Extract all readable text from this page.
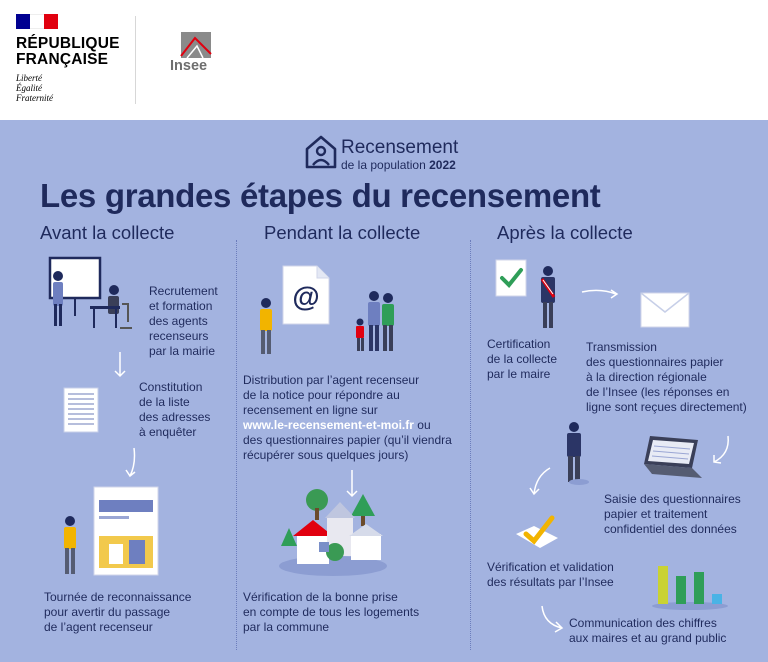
RÉPUBLIQUE
FRANÇAISE
Liberté
Égalité
Fraternité
Insee
Recensement
de la population 2022
Les grandes étapes du recensement
Avant la collecte	Pendant la collecte	Après la collecte
Recrutement
et formation
des agents
recenseurs
par la mairie
Constitution
de la liste
des adresses
à enquêter
Tournée de reconnaissance
pour avertir du passage
de l’agent recenseur
@
Distribution par l’agent recenseur
de la notice pour répondre au
recensement en ligne sur
www.le-recensement-et-moi.fr ou
des questionnaires papier (qu’il viendra
récupérer sous quelques jours)
Vérification de la bonne prise
en compte de tous les logements
par la commune
Certification
de la collecte
par le maire
Transmission
des questionnaires papier
à la direction régionale
de l’Insee (les réponses en
ligne sont reçues directement)
Saisie des questionnaires
papier et traitement
confidentiel des données
Vérification et validation
des résultats par l’Insee
Communication des chiffres
aux maires et au grand public
